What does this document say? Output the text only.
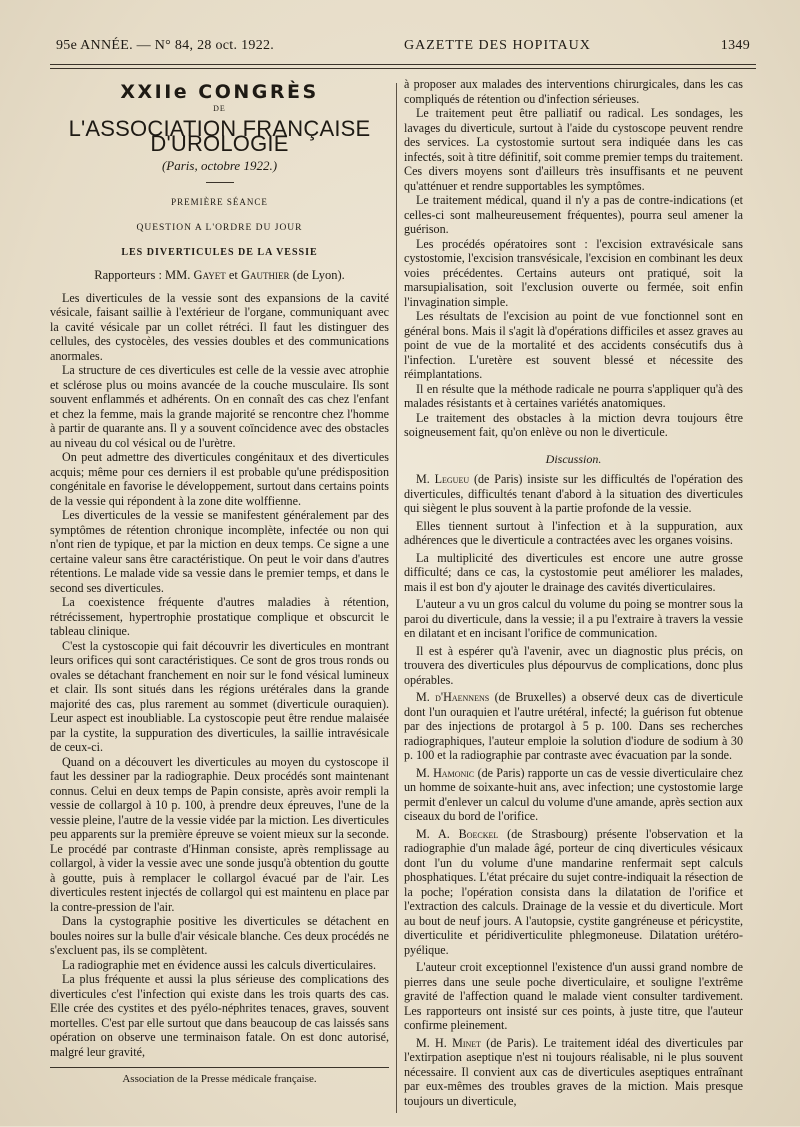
95e ANNÉE. — N° 84, 28 oct. 1922.	GAZETTE DES HOPITAUX	1349
XXIIe CONGRÈS
DE
L'ASSOCIATION FRANÇAISE D'UROLOGIE
(Paris, octobre 1922.)
PREMIÈRE SÉANCE
QUESTION A L'ORDRE DU JOUR
LES DIVERTICULES DE LA VESSIE
Rapporteurs : MM. Gayet et Gauthier (de Lyon).

Les diverticules de la vessie sont des expansions de la cavité vésicale, faisant saillie à l'extérieur de l'organe, communiquant avec la cavité vésicale par un collet rétréci. Il faut les distinguer des cellules, des cystocèles, des vessies doubles et des communications anormales.

La structure de ces diverticules est celle de la vessie avec atrophie et sclérose plus ou moins avancée de la couche musculaire. Ils sont souvent enflammés et adhérents. On en connaît des cas chez l'enfant et chez la femme, mais la grande majorité se rencontre chez l'homme à partir de quarante ans. Il y a souvent coïncidence avec des obstacles au niveau du col vésical ou de l'urètre.

On peut admettre des diverticules congénitaux et des diverticules acquis; même pour ces derniers il est probable qu'une prédisposition congénitale en favorise le développement, surtout dans certains points de la vessie qui répondent à la zone dite wolffienne.

Les diverticules de la vessie se manifestent généralement par des symptômes de rétention chronique incomplète, infectée ou non qui n'ont rien de typique, et par la miction en deux temps. Ce signe a une certaine valeur sans être caractéristique. On peut le voir dans d'autres rétentions. Le malade vide sa vessie dans le premier temps, et dans le second ses diverticules.

La coexistence fréquente d'autres maladies à rétention, rétrécissement, hypertrophie prostatique complique et obscurcit le tableau clinique.

C'est la cystoscopie qui fait découvrir les diverticules en montrant leurs orifices qui sont caractéristiques. Ce sont de gros trous ronds ou ovales se détachant franchement en noir sur le fond vésical lumineux et clair. Ils sont situés dans les régions urétérales dans la grande majorité des cas, plus rarement au sommet (diverticule ouraquien). Leur aspect est inoubliable. La cystoscopie peut être rendue malaisée par la cystite, la suppuration des diverticules, la saillie intravésicale de ceux-ci.

Quand on a découvert les diverticules au moyen du cystoscope il faut les dessiner par la radiographie. Deux procédés sont maintenant connus. Celui en deux temps de Papin consiste, après avoir rempli la vessie de collargol à 10 p. 100, à prendre deux épreuves, l'une de la vessie pleine, l'autre de la vessie vidée par la miction. Les diverticules peu apparents sur la première épreuve se voient mieux sur la seconde. Le procédé par contraste d'Hinman consiste, après remplissage au collargol, à vider la vessie avec une sonde jusqu'à obtention du goutte à goutte, puis à remplacer le collargol évacué par de l'air. Les diverticules restent injectés de collargol qui est maintenu en place par la contre-pression de l'air.

Dans la cystographie positive les diverticules se détachent en boules noires sur la bulle d'air vésicale blanche. Ces deux procédés ne s'excluent pas, ils se complètent.

La radiographie met en évidence aussi les calculs diverticulaires.

La plus fréquente et aussi la plus sérieuse des complications des diverticules c'est l'infection qui existe dans les trois quarts des cas. Elle crée des cystites et des pyélo-néphrites tenaces, graves, souvent mortelles. C'est par elle surtout que dans beaucoup de cas laissés sans opération on observe une terminaison fatale. On est donc autorisé, malgré leur gravité,

Association de la Presse médicale française.

à proposer aux malades des interventions chirurgicales, dans les cas compliqués de rétention ou d'infection sérieuses.

Le traitement peut être palliatif ou radical. Les sondages, les lavages du diverticule, surtout à l'aide du cystoscope peuvent rendre des services. La cystostomie surtout sera indiquée dans les cas infectés, soit à titre définitif, soit comme premier temps du traitement. Ces divers moyens sont d'ailleurs très insuffisants et ne peuvent qu'atténuer et rendre supportables les symptômes.

Le traitement médical, quand il n'y a pas de contre-indications (et celles-ci sont malheureusement fréquentes), pourra seul amener la guérison.

Les procédés opératoires sont : l'excision extravésicale sans cystostomie, l'excision transvésicale, l'excision en combinant les deux voies précédentes. Certains auteurs ont pratiqué, soit la marsupialisation, soit l'exclusion ouverte ou fermée, soit enfin l'invagination simple.

Les résultats de l'excision au point de vue fonctionnel sont en général bons. Mais il s'agit là d'opérations difficiles et assez graves au point de vue de la mortalité et des accidents consécutifs dus à l'infection. L'uretère est souvent blessé et nécessite des réimplantations.

Il en résulte que la méthode radicale ne pourra s'appliquer qu'à des malades résistants et à certaines variétés anatomiques.

Le traitement des obstacles à la miction devra toujours être soigneusement fait, qu'on enlève ou non le diverticule.

Discussion.

M. Legueu (de Paris) insiste sur les difficultés de l'opération des diverticules, difficultés tenant d'abord à la situation des diverticules qui siègent le plus souvent à la partie profonde de la vessie.

Elles tiennent surtout à l'infection et à la suppuration, aux adhérences que le diverticule a contractées avec les organes voisins.

La multiplicité des diverticules est encore une autre grosse difficulté; dans ce cas, la cystostomie peut améliorer les malades, mais il est bon d'y ajouter le drainage des cavités diverticulaires.

L'auteur a vu un gros calcul du volume du poing se montrer sous la paroi du diverticule, dans la vessie; il a pu l'extraire à travers la vessie en dilatant et en incisant l'orifice de communication.

Il est à espérer qu'à l'avenir, avec un diagnostic plus précis, on trouvera des diverticules plus dépourvus de complications, donc plus opérables.

M. d'Haennens (de Bruxelles) a observé deux cas de diverticule dont l'un ouraquien et l'autre urétéral, infecté; la guérison fut obtenue par des injections de protargol à 5 p. 100. Dans ses recherches radiographiques, l'auteur emploie la solution d'iodure de sodium à 30 p. 100 et la radiographie par contraste avec évacuation par la sonde.

M. Hamonic (de Paris) rapporte un cas de vessie diverticulaire chez un homme de soixante-huit ans, avec infection; une cystostomie large permit d'enlever un calcul du volume d'une amande, après section aux ciseaux du bord de l'orifice.

M. A. Boeckel (de Strasbourg) présente l'observation et la radiographie d'un malade âgé, porteur de cinq diverticules vésicaux dont l'un du volume d'une mandarine renfermait sept calculs phosphatiques. L'état précaire du sujet contre-indiquait la résection de la poche; l'opération consista dans la dilatation de l'orifice et l'extraction des calculs. Drainage de la vessie et du diverticule. Mort au bout de neuf jours. A l'autopsie, cystite gangréneuse et péricystite, diverticulite et péridiverticulite phlegmoneuse. Dilatation urétéro-pyélique.

L'auteur croit exceptionnel l'existence d'un aussi grand nombre de pierres dans une seule poche diverticulaire, et souligne l'extrême gravité de l'affection quand le malade vient consulter tardivement. Les rapporteurs ont insisté sur ces points, à juste titre, que l'auteur confirme pleinement.

M. H. Minet (de Paris). Le traitement idéal des diverticules par l'extirpation aseptique n'est ni toujours réalisable, ni le plus souvent nécessaire. Il convient aux cas de diverticules aseptiques entraînant par eux-mêmes des troubles graves de la miction. Mais presque toujours un diverticule,
